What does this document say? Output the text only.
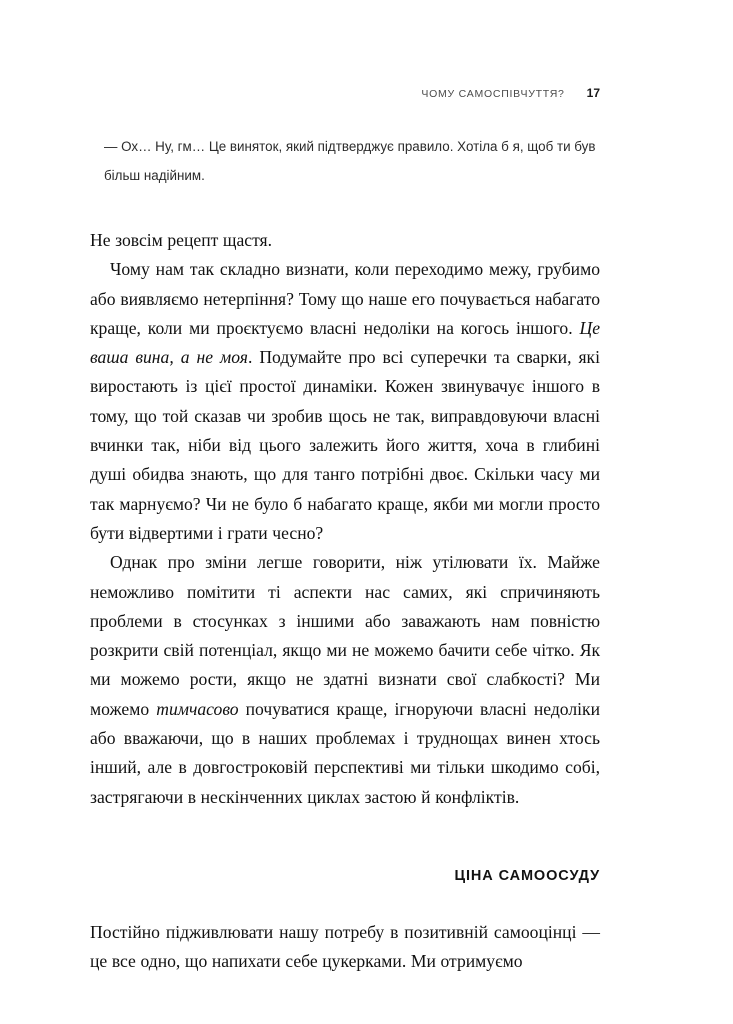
ЧОМУ САМОСПІВЧУТТЯ? 17

— Ох… Ну, гм… Це виняток, який підтверджує правило. Хотіла б я, щоб ти був більш надійним.

Не зовсім рецепт щастя.

Чому нам так складно визнати, коли переходимо межу, грубимо або виявляємо нетерпіння? Тому що наше его почувається набагато краще, коли ми проєктуємо власні недоліки на когось іншого. Це ваша вина, а не моя. Подумайте про всі суперечки та сварки, які виростають із цієї простої динаміки. Кожен звинувачує іншого в тому, що той сказав чи зробив щось не так, виправдовуючи власні вчинки так, ніби від цього залежить його життя, хоча в глибині душі обидва знають, що для танго потрібні двоє. Скільки часу ми так марнуємо? Чи не було б набагато краще, якби ми могли просто бути відвертими і грати чесно?

Однак про зміни легше говорити, ніж утілювати їх. Майже неможливо помітити ті аспекти нас самих, які спричиняють проблеми в стосунках з іншими або заважають нам повністю розкрити свій потенціал, якщо ми не можемо бачити себе чітко. Як ми можемо рости, якщо не здатні визнати свої слабкості? Ми можемо тимчасово почуватися краще, ігноруючи власні недоліки або вважаючи, що в наших проблемах і труднощах винен хтось інший, але в довгостроковій перспективі ми тільки шкодимо собі, застрягаючи в нескінченних циклах застою й конфліктів.

ЦІНА САМООСУДУ

Постійно підживлювати нашу потребу в позитивній самооцінці — це все одно, що напихати себе цукерками. Ми отримуємо
